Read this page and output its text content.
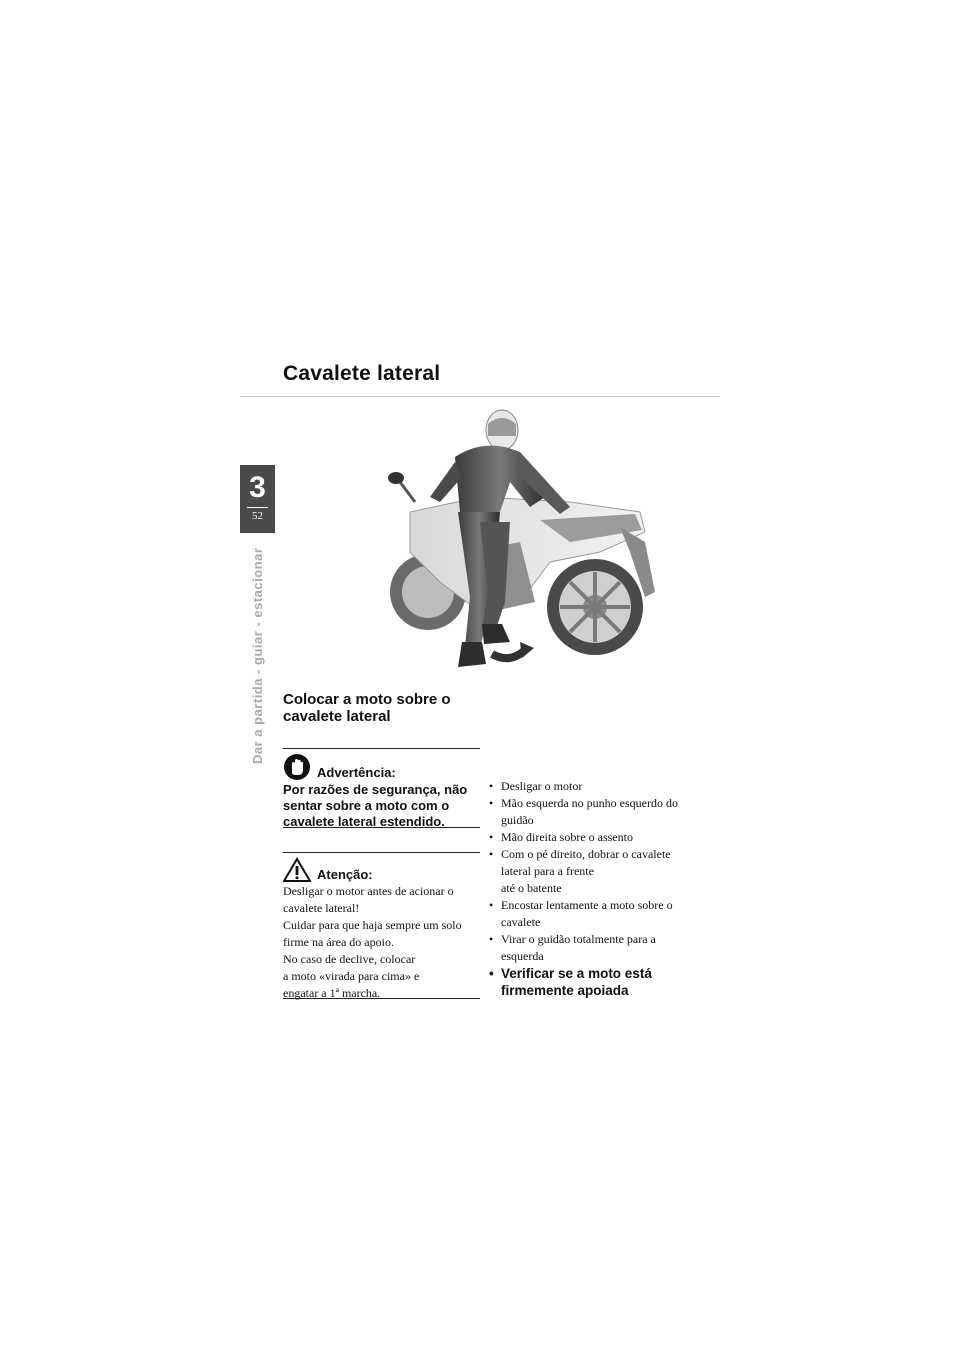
Cavalete lateral
3
52
Dar a partida - guiar - estacionar	Colocar a moto sobre o
cavalete lateral
Advertência:
Por razões de segurança, não
sentar sobre a moto com o
cavalete lateral estendido.
Atenção:

Desligar o motor antes de acionar o

cavalete lateral!

Cuidar para que haja sempre um solo

firme na área do apoio.

No caso de declive, colocar

a moto «virada para cima» e

engatar a 1ª marcha.

• Desligar o motor
• Mão esquerda no punho esquerdo do
guidão
• Mão direita sobre o assento
• Com o pé direito, dobrar o cavalete
lateral para a frente
até o batente
• Encostar lentamente a moto sobre o
cavalete
• Virar o guidão totalmente para a
esquerda
• Verificar se a moto está
firmemente apoiada
